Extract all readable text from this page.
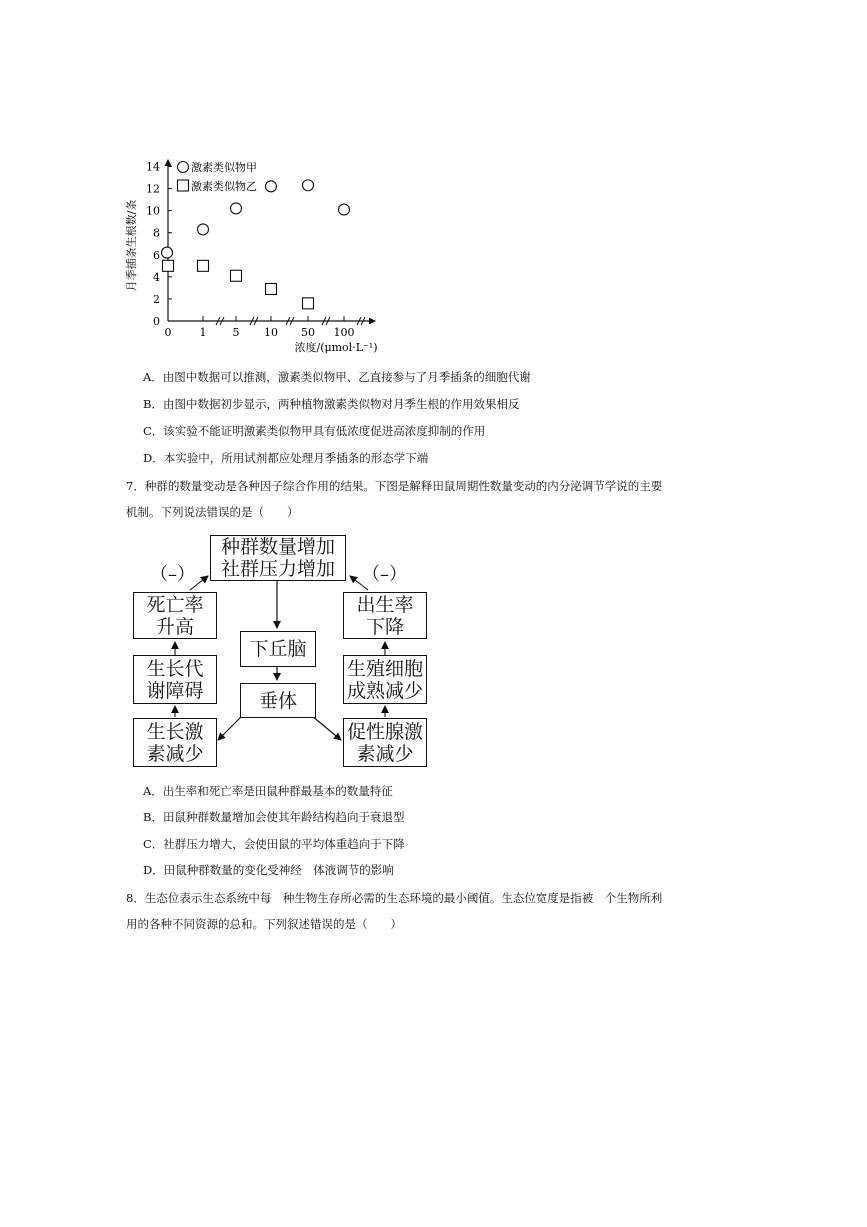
0
2
4
6
8
10
12
14
0	1 5 10 50 100
月季插条生根数/条
浓度/(μmol·L⁻¹)
激素类似物甲
激素类似物乙
A．由图中数据可以推测，激素类似物甲、乙直接参与了月季插条的细胞代谢
B．由图中数据初步显示，两种植物激素类似物对月季生根的作用效果相反
C．该实验不能证明激素类似物甲具有低浓度促进高浓度抑制的作用
D．本实验中，所用试剂都应处理月季插条的形态学下端
7．种群的数量变动是各种因子综合作用的结果。下图是解释田鼠周期性数量变动的内分泌调节学说的主要
机制。下列说法错误的是（　　）
种群数量增加
社群压力增加
（–）	（–）
死亡率
升高
生长代
谢障碍
生长激
素减少
下丘脑
垂体
出生率
下降
生殖细胞
成熟减少
促性腺激
素减少
A．出生率和死亡率是田鼠种群最基本的数量特征
B．田鼠种群数量增加会使其年龄结构趋向于衰退型
C．社群压力增大，会使田鼠的平均体重趋向于下降
D．田鼠种群数量的变化受神经　体液调节的影响
8．生态位表示生态系统中每　种生物生存所必需的生态环境的最小阈值。生态位宽度是指被　个生物所利
用的各种不同资源的总和。下列叙述错误的是（　　）
